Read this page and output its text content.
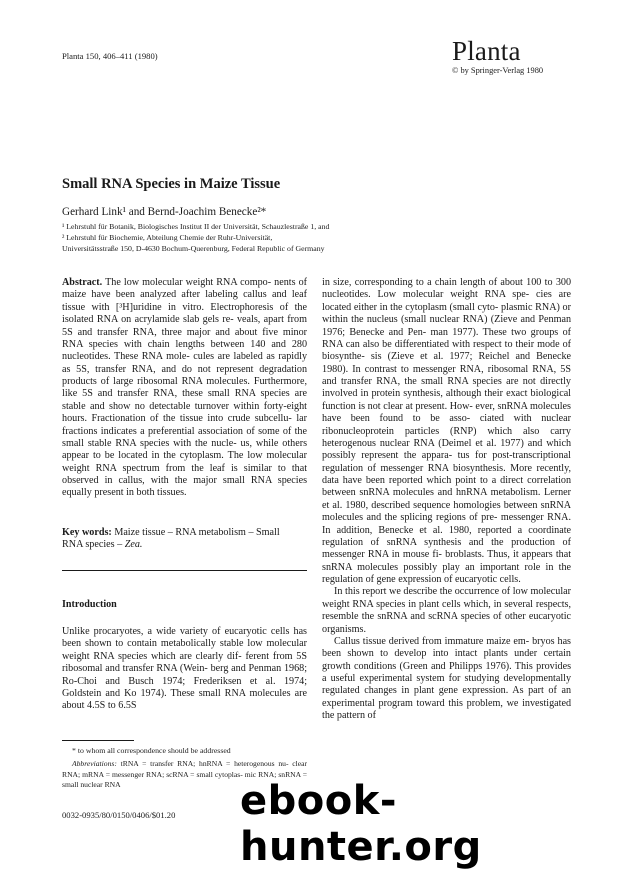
Planta 150, 406–411 (1980)	Planta
© by Springer-Verlag 1980
Small RNA Species in Maize Tissue
Gerhard Link¹ and Bernd-Joachim Benecke²*
¹ Lehrstuhl für Botanik, Biologisches Institut II der Universität, Schauzlestraße 1, and
² Lehrstuhl für Biochemie, Abteilung Chemie der Ruhr-Universität,
Universitätsstraße 150, D-4630 Bochum-Querenburg, Federal Republic of Germany

Abstract. The low molecular weight RNA compo- nents of maize have been analyzed after labeling callus and leaf tissue with [³H]uridine in vitro. Electrophoresis of the isolated RNA on acrylamide slab gels re- veals, apart from 5S and transfer RNA, three major and about five minor RNA species with chain lengths between 140 and 280 nucleotides. These RNA mole- cules are labeled as rapidly as 5S, transfer RNA, and do not represent degradation products of large ribosomal RNA molecules. Furthermore, like 5S and transfer RNA, these small RNA species are stable and show no detectable turnover within forty-eight hours. Fractionation of the tissue into crude subcellu- lar fractions indicates a preferential association of some of the small stable RNA species with the nucle- us, while others appear to be located in the cytoplasm. The low molecular weight RNA spectrum from the leaf is similar to that observed in callus, with the major small RNA species equally present in both tissues.

Key words: Maize tissue – RNA metabolism – Small
RNA species – Zea.

Introduction

Unlike procaryotes, a wide variety of eucaryotic cells has been shown to contain metabolically stable low molecular weight RNA species which are clearly dif- ferent from 5S ribosomal and transfer RNA (Wein- berg and Penman 1968; Ro-Choi and Busch 1974; Frederiksen et al. 1974; Goldstein and Ko 1974). These small RNA molecules are about 4.5S to 6.5S

* to whom all correspondence should be addressed
Abbreviations: tRNA = transfer RNA; hnRNA = heterogenous nu- clear RNA; mRNA = messenger RNA; scRNA = small cytoplas- mic RNA; snRNA = small nuclear RNA
0032-0935/80/0150/0406/$01.20

in size, corresponding to a chain length of about 100 to 300 nucleotides. Low molecular weight RNA spe- cies are located either in the cytoplasm (small cyto- plasmic RNA) or within the nucleus (small nuclear RNA) (Zieve and Penman 1976; Benecke and Pen- man 1977). These two groups of RNA can also be differentiated with respect to their mode of biosynthe- sis (Zieve et al. 1977; Reichel and Benecke 1980). In contrast to messenger RNA, ribosomal RNA, 5S and transfer RNA, the small RNA species are not directly involved in protein synthesis, although their exact biological function is not clear at present. How- ever, snRNA molecules have been found to be asso- ciated with nuclear ribonucleoprotein particles (RNP) which also carry heterogenous nuclear RNA (Deimel et al. 1977) and which possibly represent the appara- tus for post-transcriptional regulation of messenger RNA biosynthesis. More recently, data have been reported which point to a direct correlation between snRNA molecules and hnRNA metabolism. Lerner et al. 1980, described sequence homologies between snRNA molecules and the splicing regions of pre- messenger RNA. In addition, Benecke et al. 1980, reported a coordinate regulation of snRNA synthesis and the production of messenger RNA in mouse fi- broblasts. Thus, it appears that snRNA molecules possibly play an important role in the regulation of gene expression of eucaryotic cells.

In this report we describe the occurrence of low molecular weight RNA species in plant cells which, in several respects, resemble the snRNA and scRNA species of other eucaryotic organisms.

Callus tissue derived from immature maize em- bryos has been shown to develop into intact plants under certain growth conditions (Green and Philipps 1976). This provides a useful experimental system for studying developmentally regulated changes in plant gene expression. As part of an experimental program toward this problem, we investigated the pattern of

ebook-hunter.org
